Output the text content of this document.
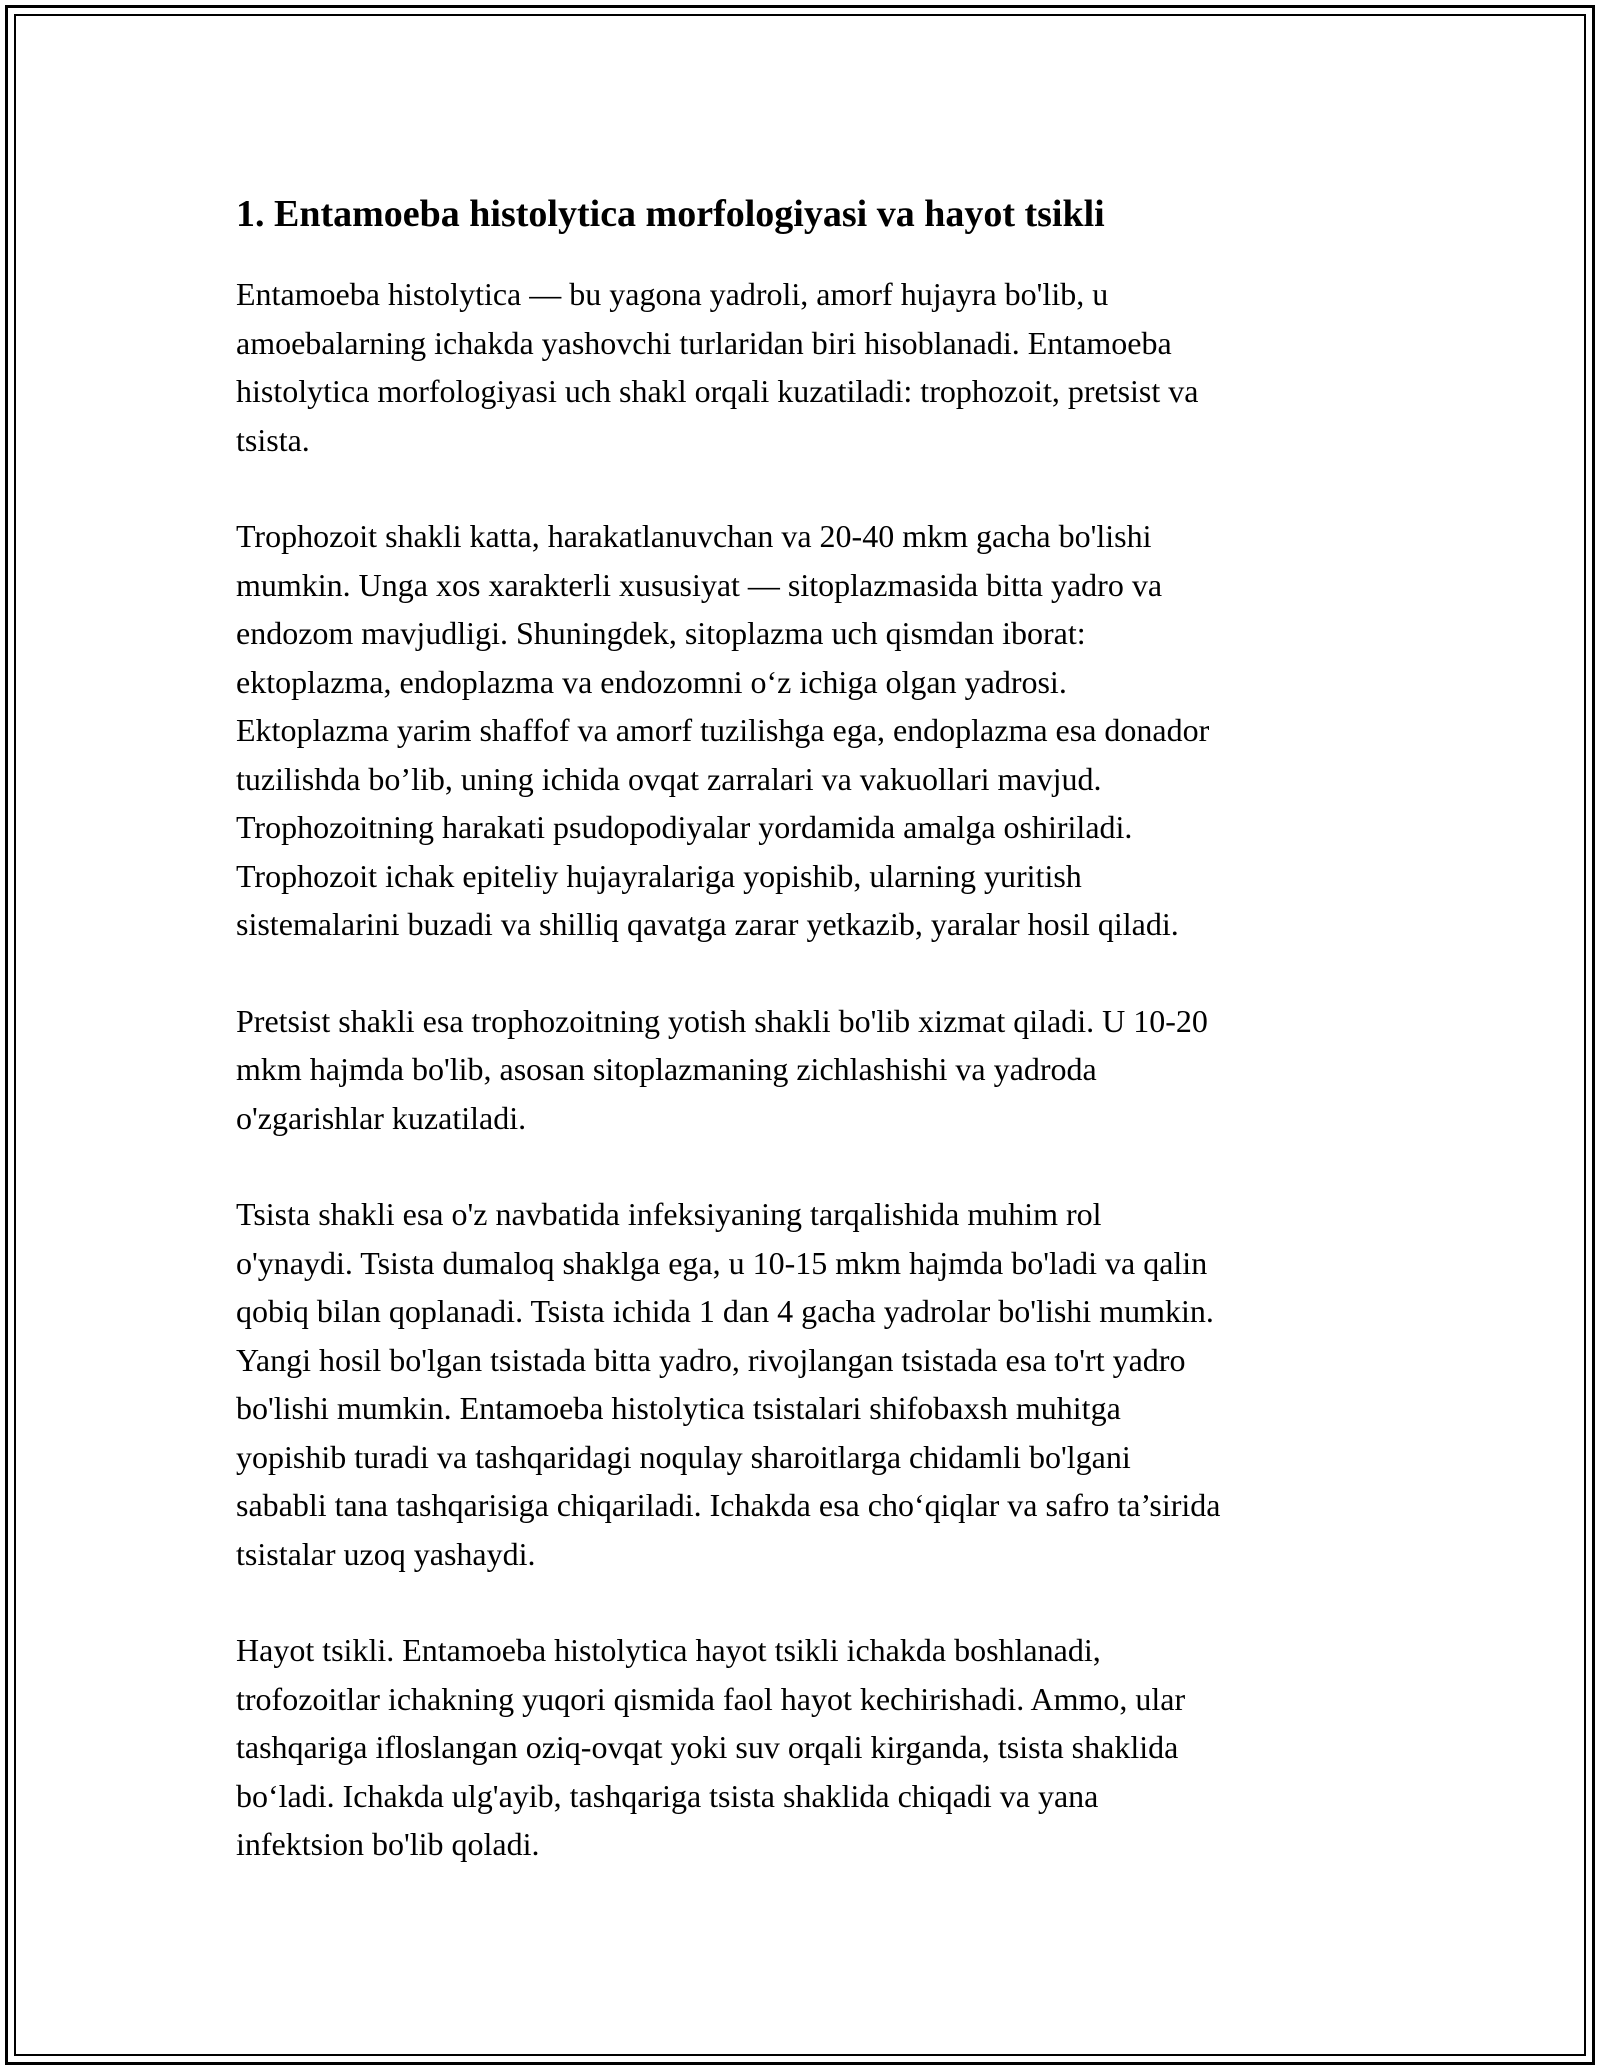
1. Entamoeba histolytica morfologiyasi va hayot tsikli

Entamoeba histolytica — bu yagona yadroli, amorf hujayra bo'lib, u
amoebalarning ichakda yashovchi turlaridan biri hisoblanadi. Entamoeba
histolytica morfologiyasi uch shakl orqali kuzatiladi: trophozoit, pretsist va
tsista.

Trophozoit shakli katta, harakatlanuvchan va 20-40 mkm gacha bo'lishi
mumkin. Unga xos xarakterli xususiyat — sitoplazmasida bitta yadro va
endozom mavjudligi. Shuningdek, sitoplazma uch qismdan iborat:
ektoplazma, endoplazma va endozomni o‘z ichiga olgan yadrosi.
Ektoplazma yarim shaffof va amorf tuzilishga ega, endoplazma esa donador
tuzilishda bo’lib, uning ichida ovqat zarralari va vakuollari mavjud.
Trophozoitning harakati psudopodiyalar yordamida amalga oshiriladi.
Trophozoit ichak epiteliy hujayralariga yopishib, ularning yuritish
sistemalarini buzadi va shilliq qavatga zarar yetkazib, yaralar hosil qiladi.

Pretsist shakli esa trophozoitning yotish shakli bo'lib xizmat qiladi. U 10-20
mkm hajmda bo'lib, asosan sitoplazmaning zichlashishi va yadroda
o'zgarishlar kuzatiladi.

Tsista shakli esa o'z navbatida infeksiyaning tarqalishida muhim rol
o'ynaydi. Tsista dumaloq shaklga ega, u 10-15 mkm hajmda bo'ladi va qalin
qobiq bilan qoplanadi. Tsista ichida 1 dan 4 gacha yadrolar bo'lishi mumkin.
Yangi hosil bo'lgan tsistada bitta yadro, rivojlangan tsistada esa to'rt yadro
bo'lishi mumkin. Entamoeba histolytica tsistalari shifobaxsh muhitga
yopishib turadi va tashqaridagi noqulay sharoitlarga chidamli bo'lgani
sababli tana tashqarisiga chiqariladi. Ichakda esa cho‘qiqlar va safro ta’sirida
tsistalar uzoq yashaydi.

Hayot tsikli. Entamoeba histolytica hayot tsikli ichakda boshlanadi,
trofozoitlar ichakning yuqori qismida faol hayot kechirishadi. Ammo, ular
tashqariga ifloslangan oziq-ovqat yoki suv orqali kirganda, tsista shaklida
bo‘ladi. Ichakda ulg'ayib, tashqariga tsista shaklida chiqadi va yana
infektsion bo'lib qoladi.
